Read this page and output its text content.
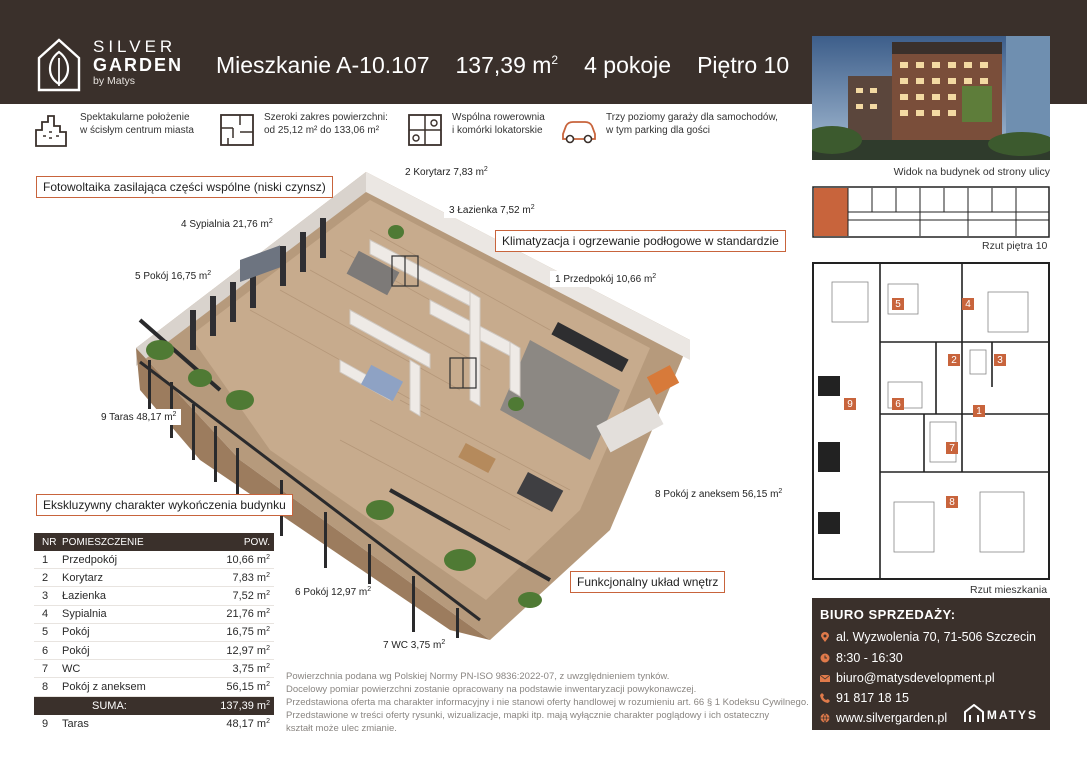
SILVER
GARDEN
by Matys
Mieszkanie A-10.107 137,39 $m^2$ 4 pokoje Piętro 10
Widok na budynek od strony ulicy
Spektakularne położenie
w ścisłym centrum miasta
Szeroki zakres powierzchni:
od 25,12 m² do 133,06 m²
Wspólna rowerownia
i komórki lokatorskie
Trzy poziomy garaży dla samochodów,
w tym parking dla gości
Fotowoltaika zasilająca części wspólne (niski czynsz)
Klimatyzacja i ogrzewanie podłogowe w standardzie
Ekskluzywny charakter wykończenia budynku
Funkcjonalny układ wnętrz
2 Korytarz 7,83 $m^2$
4 Sypialnia 21,76 $m^2$
3 Łazienka 7,52 $m^2$
5 Pokój 16,75 $m^2$
1 Przedpokój 10,66 $m^2$
9 Taras 48,17 $m^2$
8 Pokój z aneksem 56,15 $m^2$
6 Pokój 12,97 $m^2$
7 WC 3,75 $m^2$
NR POMIESZCZENIE	POW.
1	Przedpokój	10,66 $m^2$
2	Korytarz	7,83 $m^2$
3	Łazienka	7,52 $m^2$
4	Sypialnia	21,76 $m^2$
5	Pokój	16,75 $m^2$
6	Pokój	12,97 $m^2$
7	WC	3,75 $m^2$
8	Pokój z aneksem	56,15 $m^2$
SUMA:	137,39 $m^2$
9	Taras	48,17 $m^2$
Powierzchnia podana wg Polskiej Normy PN-ISO 9836:2022-07, z uwzględnieniem tynków.
Docelowy pomiar powierzchni zostanie opracowany na podstawie inwentaryzacji powykonawczej.
Przedstawiona oferta ma charakter informacyjny i nie stanowi oferty handlowej w rozumieniu art. 66 § 1 Kodeksu Cywilnego.
Przedstawione w treści oferty rysunki, wizualizacje, mapki itp. mają wyłącznie charakter poglądowy i ich ostateczny
kształt może ulec zmianie.
Rzut piętra 10
1
2	3
4
5
6
7
8
9
Rzut mieszkania
BIURO SPRZEDAŻY:
al. Wyzwolenia 70, 71-506 Szczecin
8:30 - 16:30
biuro@matysdevelopment.pl
91 817 18 15
www.silvergarden.pl	MATYS
